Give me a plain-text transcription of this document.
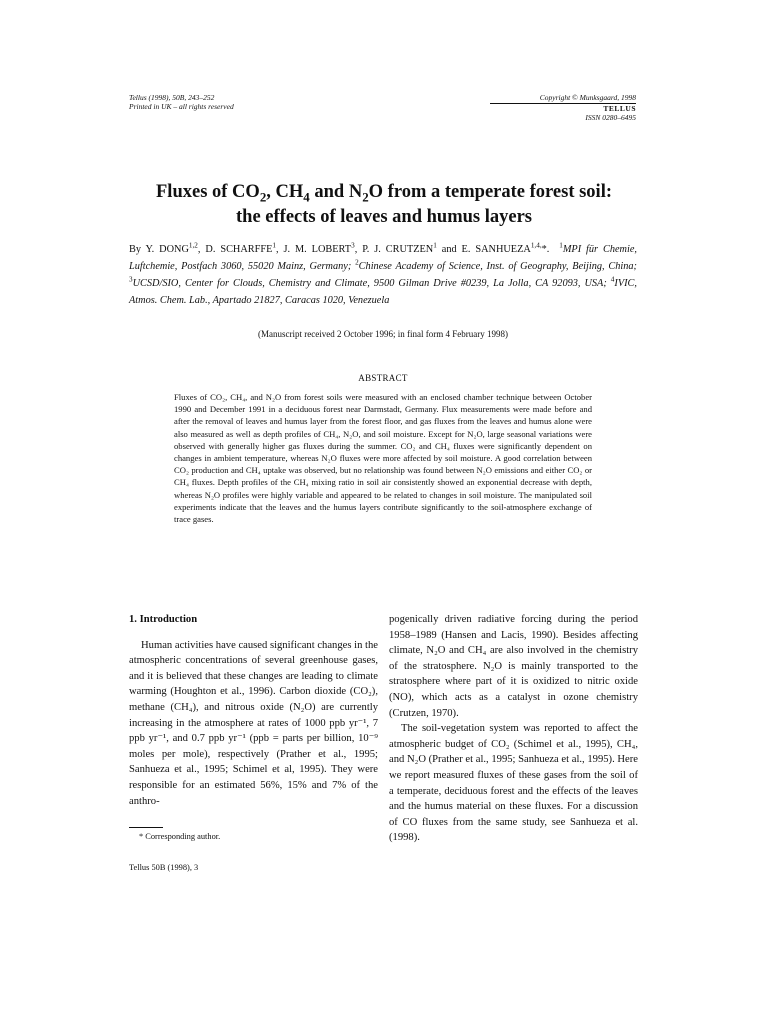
Tellus (1998), 50B, 243–252
Printed in UK – all rights reserved
Copyright © Munksgaard, 1998
TELLUS
ISSN 0280–6495
Fluxes of $CO_2$, $CH_4$ and $N_2O$ from a temperate forest soil:
the effects of leaves and humus layers
By Y. DONG$^{1,2}$, D. SCHARFFE$^1$, J. M. LOBERT$^3$, P. J. CRUTZEN$^1$ and E. $SANHUEZA^{1,4,}*$.  $^1$MPI für Chemie, Luftchemie, Postfach 3060, 55020 Mainz, Germany; $^2$Chinese Academy of Science, Inst. of Geography, Beijing, China; $^3$UCSD/SIO, Center for Clouds, Chemistry and Climate, 9500 Gilman Drive #0239, La Jolla, CA 92093, USA; $^4$IVIC, Atmos. Chem. Lab., Apartado 21827, Caracas 1020, Venezuela
(Manuscript received 2 October 1996; in final form 4 February 1998)
ABSTRACT
Fluxes of CO₂, CH₄, and N₂O from forest soils were measured with an enclosed chamber technique between October 1990 and December 1991 in a deciduous forest near Darmstadt, Germany. Flux measurements were made before and after the removal of leaves and humus layer from the forest floor, and gas fluxes from the leaves and humus alone were also measured as well as depth profiles of CH₄, N₂O, and soil moisture. Except for N₂O, large seasonal variations were observed with generally higher gas fluxes during the summer. CO₂ and CH₄ fluxes were significantly dependent on changes in ambient temperature, whereas N₂O fluxes were more affected by soil moisture. A good correlation between CO₂ production and CH₄ uptake was observed, but no relationship was found between N₂O emissions and either CO₂ or CH₄ fluxes. Depth profiles of the CH₄ mixing ratio in soil air consistently showed an exponential decrease with depth, whereas N₂O profiles were highly variable and appeared to be related to changes in soil moisture. The manipulated soil experiments indicate that the leaves and the humus layers contribute significantly to the soil-atmosphere exchange of trace gases.
1. Introduction

Human activities have caused significant changes in the atmospheric concentrations of several greenhouse gases, and it is believed that these changes are leading to climate warming (Houghton et al., 1996). Carbon dioxide (CO₂), methane (CH₄), and nitrous oxide (N₂O) are currently increasing in the atmosphere at rates of 1000 ppb yr⁻¹, 7 ppb yr⁻¹, and 0.7 ppb yr⁻¹ (ppb = parts per billion, 10⁻⁹ moles per mole), respectively (Prather et al., 1995; Sanhueza et al., 1995; Schimel et al, 1995). They were responsible for an estimated 56%, 15% and 7% of the anthro-

pogenically driven radiative forcing during the period 1958–1989 (Hansen and Lacis, 1990). Besides affecting climate, N₂O and CH₄ are also involved in the chemistry of the stratosphere. N₂O is mainly transported to the stratosphere where part of it is oxidized to nitric oxide (NO), which acts as a catalyst in ozone chemistry (Crutzen, 1970).

The soil-vegetation system was reported to affect the atmospheric budget of CO₂ (Schimel et al., 1995), CH₄, and N₂O (Prather et al., 1995; Sanhueza et al., 1995). Here we report measured fluxes of these gases from the soil of a temperate, deciduous forest and the effects of the leaves and the humus material on these fluxes. For a discussion of CO fluxes from the same study, see Sanhueza et al. (1998).

* Corresponding author.
Tellus 50B (1998), 3
